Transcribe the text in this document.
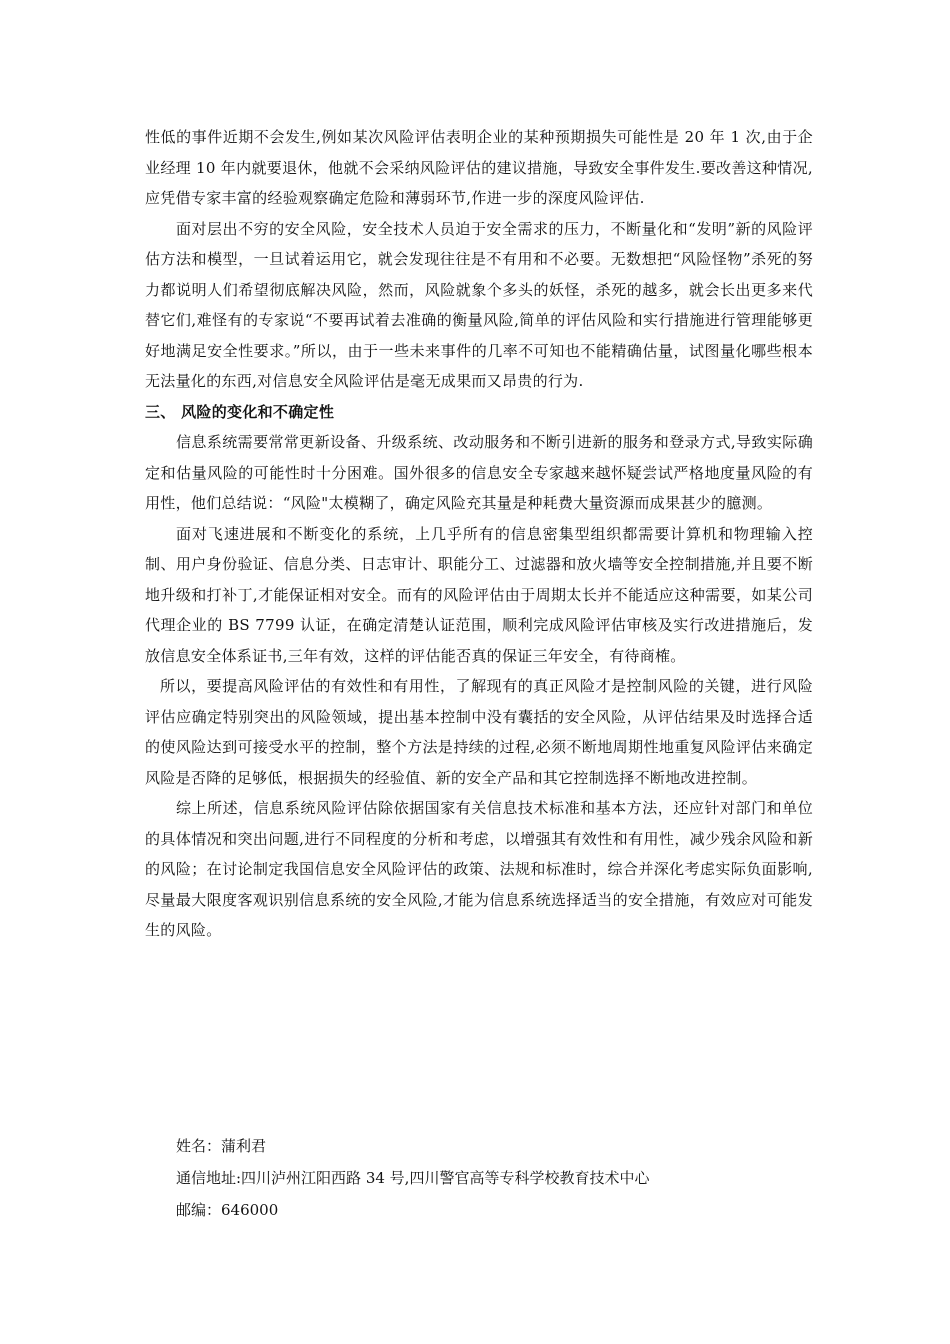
性低的事件近期不会发生,例如某次风险评估表明企业的某种预期损失可能性是 20 年 1 次,由于企业经理 10 年内就要退休，他就不会采纳风险评估的建议措施，导致安全事件发生.要改善这种情况,应凭借专家丰富的经验观察确定危险和薄弱环节,作进一步的深度风险评估.

面对层出不穷的安全风险，安全技术人员迫于安全需求的压力，不断量化和“发明”新的风险评估方法和模型，一旦试着运用它，就会发现往往是不有用和不必要。无数想把“风险怪物”杀死的努力都说明人们希望彻底解决风险，然而，风险就象个多头的妖怪，杀死的越多，就会长出更多来代替它们,难怪有的专家说“不要再试着去准确的衡量风险,简单的评估风险和实行措施进行管理能够更好地满足安全性要求。”所以，由于一些未来事件的几率不可知也不能精确估量，试图量化哪些根本无法量化的东西,对信息安全风险评估是毫无成果而又昂贵的行为.

三、 风险的变化和不确定性

信息系统需要常常更新设备、升级系统、改动服务和不断引进新的服务和登录方式,导致实际确定和估量风险的可能性时十分困难。国外很多的信息安全专家越来越怀疑尝试严格地度量风险的有用性，他们总结说：“风险"太模糊了，确定风险充其量是种耗费大量资源而成果甚少的臆测。

面对飞速进展和不断变化的系统，上几乎所有的信息密集型组织都需要计算机和物理输入控制、用户身份验证、信息分类、日志审计、职能分工、过滤器和放火墙等安全控制措施,并且要不断地升级和打补丁,才能保证相对安全。而有的风险评估由于周期太长并不能适应这种需要，如某公司代理企业的 BS 7799 认证，在确定清楚认证范围，顺利完成风险评估审核及实行改进措施后，发放信息安全体系证书,三年有效，这样的评估能否真的保证三年安全，有待商榷。

所以，要提高风险评估的有效性和有用性，了解现有的真正风险才是控制风险的关键，进行风险评估应确定特别突出的风险领域，提出基本控制中没有囊括的安全风险，从评估结果及时选择合适的使风险达到可接受水平的控制，整个方法是持续的过程,必须不断地周期性地重复风险评估来确定风险是否降的足够低，根据损失的经验值、新的安全产品和其它控制选择不断地改进控制。

综上所述，信息系统风险评估除依据国家有关信息技术标准和基本方法，还应针对部门和单位的具体情况和突出问题,进行不同程度的分析和考虑，以增强其有效性和有用性，减少残余风险和新的风险；在讨论制定我国信息安全风险评估的政策、法规和标准时，综合并深化考虑实际负面影响,尽量最大限度客观识别信息系统的安全风险,才能为信息系统选择适当的安全措施，有效应对可能发生的风险。

姓名：蒲利君

通信地址:四川泸州江阳西路 34 号,四川警官高等专科学校教育技术中心

邮编：646000
